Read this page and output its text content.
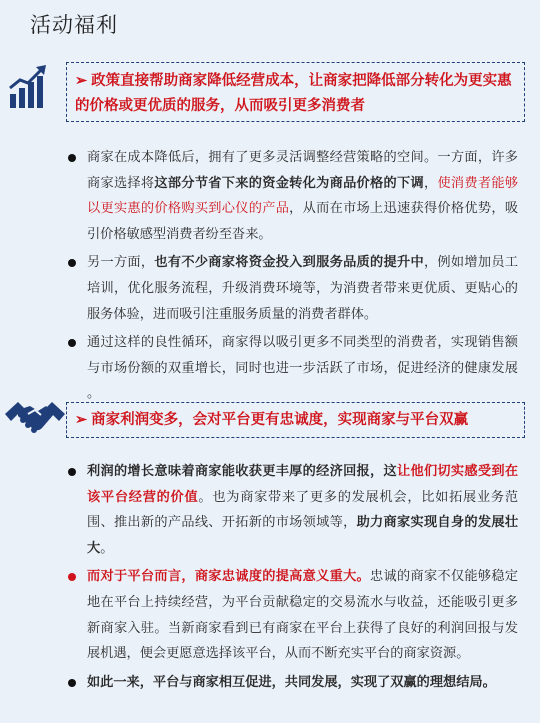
活动福利
➢ 政策直接帮助商家降低经营成本，让商家把降低部分转化为更实惠的价格或更优质的服务，从而吸引更多消费者
商家在成本降低后，拥有了更多灵活调整经营策略的空间。一方面，许多商家选择将这部分节省下来的资金转化为商品价格的下调，使消费者能够以更实惠的价格购买到心仪的产品，从而在市场上迅速获得价格优势，吸引价格敏感型消费者纷至沓来。
另一方面，也有不少商家将资金投入到服务品质的提升中，例如增加员工培训，优化服务流程，升级消费环境等，为消费者带来更优质、更贴心的服务体验，进而吸引注重服务质量的消费者群体。
通过这样的良性循环，商家得以吸引更多不同类型的消费者，实现销售额与市场份额的双重增长，同时也进一步活跃了市场，促进经济的健康发展 。
➢ 商家利润变多，会对平台更有忠诚度，实现商家与平台双赢
利润的增长意味着商家能收获更丰厚的经济回报，这让他们切实感受到在该平台经营的价值。也为商家带来了更多的发展机会，比如拓展业务范围、推出新的产品线、开拓新的市场领域等，助力商家实现自身的发展壮大。
而对于平台而言，商家忠诚度的提高意义重大。忠诚的商家不仅能够稳定地在平台上持续经营，为平台贡献稳定的交易流水与收益，还能吸引更多新商家入驻。当新商家看到已有商家在平台上获得了良好的利润回报与发展机遇，便会更愿意选择该平台，从而不断充实平台的商家资源。
如此一来，平台与商家相互促进，共同发展，实现了双赢的理想结局。
